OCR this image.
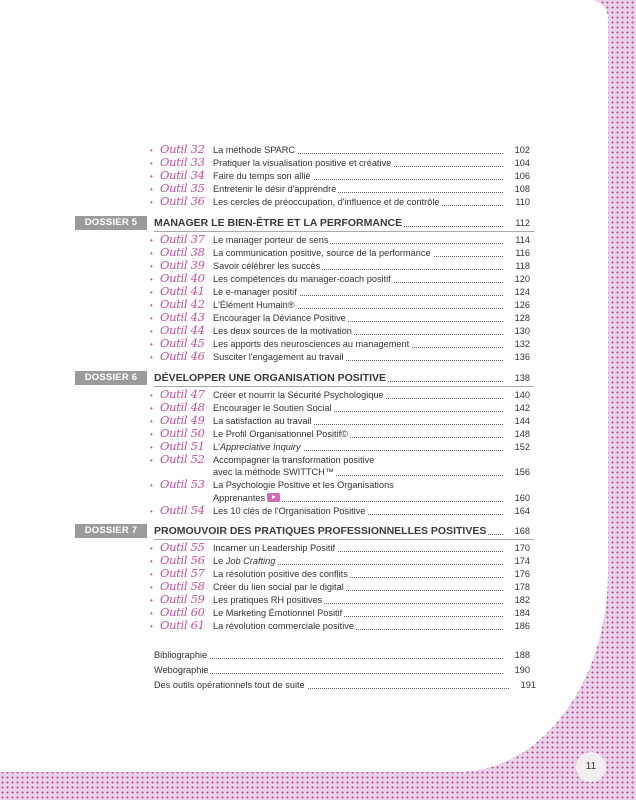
• Outil 32 La méthode SPARC	102
• Outil 33 Pratiquer la visualisation positive et créative	104
• Outil 34 Faire du temps son allié	106
• Outil 35 Entretenir le désir d'apprendre	108
• Outil 36 Les cercles de préoccupation, d'influence et de contrôle	110
DOSSIER 5	MANAGER LE BIEN-ÊTRE ET LA PERFORMANCE	112
• Outil 37 Le manager porteur de sens	114
• Outil 38 La communication positive, source de la performance	116
• Outil 39 Savoir célébrer les succès	118
• Outil 40 Les compétences du manager-coach positif	120
• Outil 41 Le e-manager positif	124
• Outil 42 L'Élément Humain®	126
• Outil 43 Encourager la Déviance Positive	128
• Outil 44 Les deux sources de la motivation	130
• Outil 45 Les apports des neurosciences au management	132
• Outil 46 Susciter l'engagement au travail	136
DOSSIER 6	DÉVELOPPER UNE ORGANISATION POSITIVE	138
• Outil 47 Créer et nourrir la Sécurité Psychologique	140
• Outil 48 Encourager le Soutien Social	142
• Outil 49 La satisfaction au travail	144
• Outil 50 Le Profil Organisationnel Positif©	148
• Outil 51 L'Appreciative Inquiry	152
• Outil 52 Accompagner la transformation positive
avec la méthode SWITTCH™	156
• Outil 53 La Psychologie Positive et les Organisations
Apprenantes	160
• Outil 54 Les 10 clés de l'Organisation Positive	164
DOSSIER 7	PROMOUVOIR DES PRATIQUES PROFESSIONNELLES POSITIVES	168
• Outil 55 Incarner un Leadership Positif	170
• Outil 56 Le Job Crafting	174
• Outil 57 La résolution positive des conflits	176
• Outil 58 Créer du lien social par le digital	178
• Outil 59 Les pratiques RH positives	182
• Outil 60 Le Marketing Émotionnel Positif	184
• Outil 61 La révolution commerciale positive	186
Bibliographie	188
Webographie	190
Des outils opérationnels tout de suite	191
11
